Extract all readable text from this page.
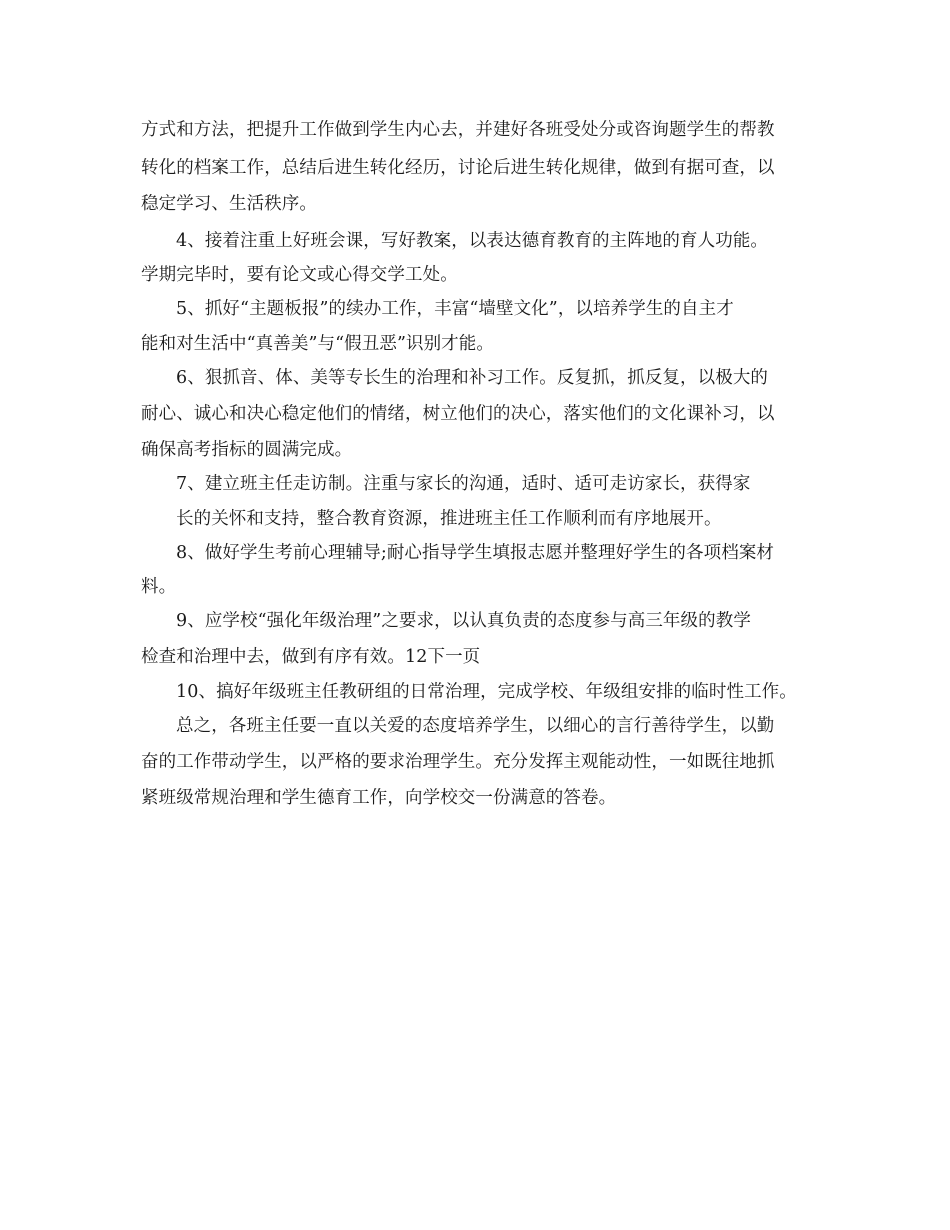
方式和方法，把提升工作做到学生内心去，并建好各班受处分或咨询题学生的帮教
转化的档案工作，总结后进生转化经历，讨论后进生转化规律，做到有据可查，以
稳定学习、生活秩序。
4、接着注重上好班会课，写好教案，以表达德育教育的主阵地的育人功能。
学期完毕时，要有论文或心得交学工处。
5、抓好“主题板报”的续办工作，丰富“墙壁文化”，以培养学生的自主才
能和对生活中“真善美”与“假丑恶”识别才能。
6、狠抓音、体、美等专长生的治理和补习工作。反复抓，抓反复，以极大的
耐心、诚心和决心稳定他们的情绪，树立他们的决心，落实他们的文化课补习，以
确保高考指标的圆满完成。
7、建立班主任走访制。注重与家长的沟通，适时、适可走访家长，获得家
长的关怀和支持，整合教育资源，推进班主任工作顺利而有序地展开。
8、做好学生考前心理辅导;耐心指导学生填报志愿并整理好学生的各项档案材
料。
9、应学校“强化年级治理”之要求，以认真负责的态度参与高三年级的教学
检查和治理中去，做到有序有效。12下一页
10、搞好年级班主任教研组的日常治理，完成学校、年级组安排的临时性工作。
总之，各班主任要一直以关爱的态度培养学生，以细心的言行善待学生，以勤
奋的工作带动学生，以严格的要求治理学生。充分发挥主观能动性，一如既往地抓
紧班级常规治理和学生德育工作，向学校交一份满意的答卷。
